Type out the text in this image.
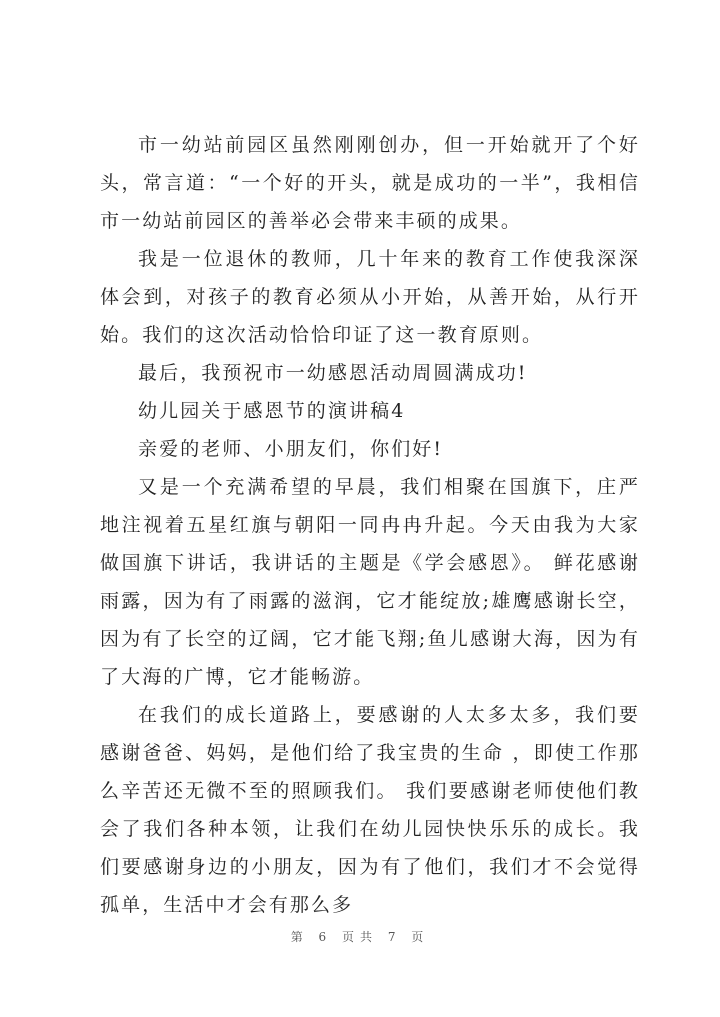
市一幼站前园区虽然刚刚创办，但一开始就开了个好头，常言道：“一个好的开头，就是成功的一半”，我相信市一幼站前园区的善举必会带来丰硕的成果。

我是一位退休的教师，几十年来的教育工作使我深深体会到，对孩子的教育必须从小开始，从善开始，从行开始。我们的这次活动恰恰印证了这一教育原则。

最后，我预祝市一幼感恩活动周圆满成功!

幼儿园关于感恩节的演讲稿4

亲爱的老师、小朋友们，你们好!

又是一个充满希望的早晨，我们相聚在国旗下，庄严地注视着五星红旗与朝阳一同冉冉升起。今天由我为大家做国旗下讲话，我讲话的主题是《学会感恩》。 鲜花感谢雨露，因为有了雨露的滋润，它才能绽放;雄鹰感谢长空，因为有了长空的辽阔，它才能飞翔;鱼儿感谢大海，因为有了大海的广博，它才能畅游。

在我们的成长道路上，要感谢的人太多太多，我们要感谢爸爸、妈妈，是他们给了我宝贵的生命 ，即使工作那么辛苦还无微不至的照顾我们。 我们要感谢老师使他们教会了我们各种本领，让我们在幼儿园快快乐乐的成长。我们要感谢身边的小朋友，因为有了他们，我们才不会觉得孤单，生活中才会有那么多

第 6 页共 7 页
